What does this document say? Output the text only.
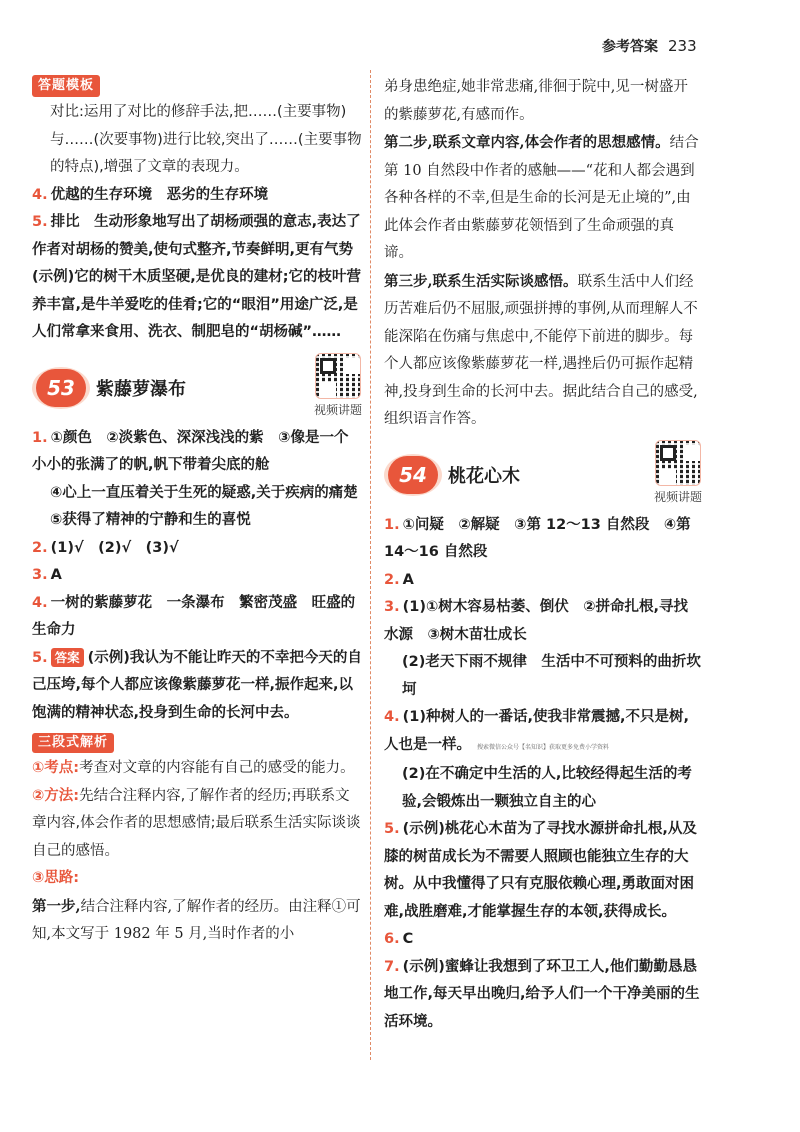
参考答案 233
答题模板

对比:运用了对比的修辞手法,把……(主要事物)与……(次要事物)进行比较,突出了……(主要事物的特点),增强了文章的表现力。

4. 优越的生存环境　恶劣的生存环境

5. 排比　生动形象地写出了胡杨顽强的意志,表达了作者对胡杨的赞美,使句式整齐,节奏鲜明,更有气势　(示例)它的树干木质坚硬,是优良的建材;它的枝叶营养丰富,是牛羊爱吃的佳肴;它的“眼泪”用途广泛,是人们常拿来食用、洗衣、制肥皂的“胡杨碱”……

53	紫藤萝瀑布
视频讲题

1. ①颜色　②淡紫色、深深浅浅的紫　③像是一个小小的张满了的帆,帆下带着尖底的舱

④心上一直压着关于生死的疑惑,关于疾病的痛楚　⑤获得了精神的宁静和生的喜悦

2. (1)√　(2)√　(3)√

3. A

4. 一树的紫藤萝花　一条瀑布　繁密茂盛　旺盛的生命力

5. 答案 (示例)我认为不能让昨天的不幸把今天的自己压垮,每个人都应该像紫藤萝花一样,振作起来,以饱满的精神状态,投身到生命的长河中去。

三段式解析

①考点:考查对文章的内容能有自己的感受的能力。

②方法:先结合注释内容,了解作者的经历;再联系文章内容,体会作者的思想感情;最后联系生活实际谈谈自己的感悟。

③思路:

第一步,结合注释内容,了解作者的经历。由注释①可知,本文写于 1982 年 5 月,当时作者的小

弟身患绝症,她非常悲痛,徘徊于院中,见一树盛开的紫藤萝花,有感而作。

第二步,联系文章内容,体会作者的思想感情。结合第 10 自然段中作者的感触——“花和人都会遇到各种各样的不幸,但是生命的长河是无止境的”,由此体会作者由紫藤萝花领悟到了生命顽强的真谛。

第三步,联系生活实际谈感悟。联系生活中人们经历苦难后仍不屈服,顽强拼搏的事例,从而理解人不能深陷在伤痛与焦虑中,不能停下前进的脚步。每个人都应该像紫藤萝花一样,遇挫后仍可振作起精神,投身到生命的长河中去。据此结合自己的感受,组织语言作答。

54	桃花心木
视频讲题

1. ①问疑　②解疑　③第 12～13 自然段　④第 14～16 自然段

2. A

3. (1)①树木容易枯萎、倒伏　②拼命扎根,寻找水源　③树木苗壮成长

(2)老天下雨不规律　生活中不可预料的曲折坎坷

4. (1)种树人的一番话,使我非常震撼,不只是树,人也是一样。 搜索微信公众号【名知识】获取更多免费小学资料

(2)在不确定中生活的人,比较经得起生活的考验,会锻炼出一颗独立自主的心

5. (示例)桃花心木苗为了寻找水源拼命扎根,从及膝的树苗成长为不需要人照顾也能独立生存的大树。从中我懂得了只有克服依赖心理,勇敢面对困难,战胜磨难,才能掌握生存的本领,获得成长。

6. C

7. (示例)蜜蜂让我想到了环卫工人,他们勤勤恳恳地工作,每天早出晚归,给予人们一个干净美丽的生活环境。
